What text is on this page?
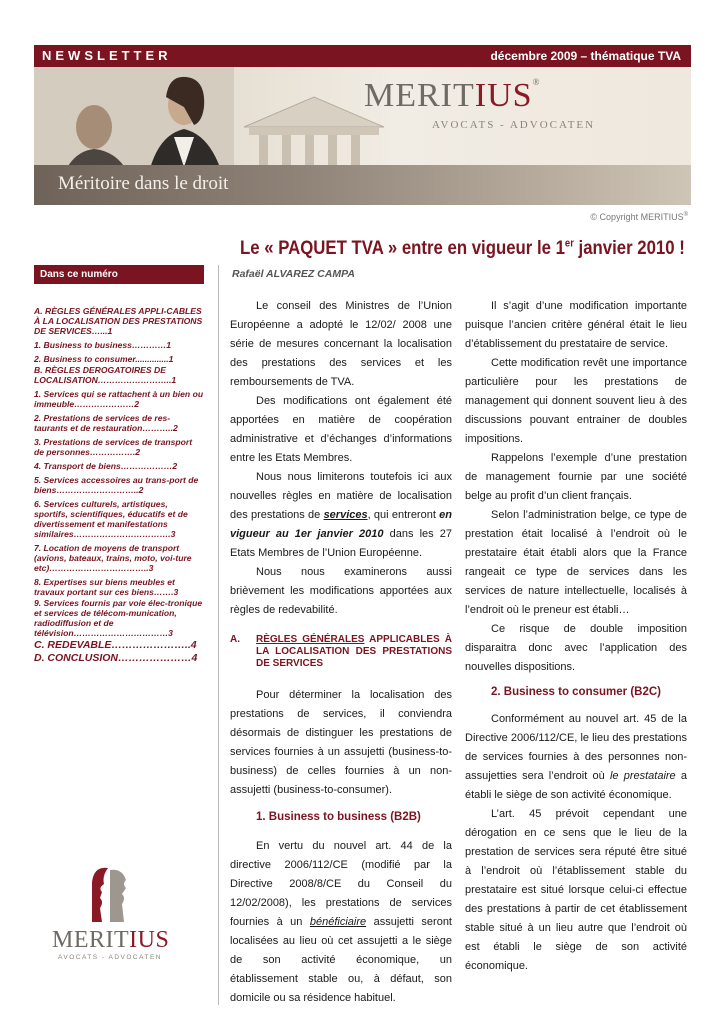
NEWSLETTER	décembre 2009 – thématique TVA
MERITIUS®
AVOCATS - ADVOCATEN
Méritoire dans le droit
© Copyright MERITIUS®
Dans ce numéro
A. RÈGLES GÉNÉRALES APPLI-CABLES À LA LOCALISATION DES PRESTATIONS DE SERVICES…...1
1. Business to business…………1
2. Business to consumer..............1
B. RÈGLES DEROGATOIRES DE LOCALISATION……………………..1
1. Services qui se rattachent à un bien ou immeuble…………………2
2. Prestations de services de res-taurants et de restauration………..2
3. Prestations de services de transport de personnes…………….2
4. Transport de biens………………2
5. Services accessoires au trans-port de biens………………………..2
6. Services culturels, artistiques, sportifs, scientifiques, éducatifs et de divertissement et manifestations similaires…………………………….3
7. Location de moyens de transport (avions, bateaux, trains, moto, voi-ture etc)……………………………..3
8. Expertises sur biens meubles et travaux portant sur ces biens…….3
9. Services fournis par voie élec-tronique et services de télécom-munication, radiodiffusion et de télévision……………………………3
C. REDEVABLE…………………..4
D. CONCLUSION…………………4
MERITIUS
AVOCATS - ADVOCATEN
Le « PAQUET TVA » entre en vigueur le 1er janvier 2010 !
Rafaël ALVAREZ CAMPA

Le conseil des Ministres de l’Union Européenne a adopté le 12/02/ 2008 une série de mesures concernant la localisation des prestations des services et les remboursements de TVA.

Des modifications ont également été apportées en matière de coopération administrative et d’échanges d’informations entre les Etats Membres.

Nous nous limiterons toutefois ici aux nouvelles règles en matière de localisation des prestations de services, qui entreront en vigueur au 1er janvier 2010 dans les 27 Etats Membres de l’Union Européenne.

Nous nous examinerons aussi brièvement les modifications apportées aux règles de redevabilité.

A.	RÈGLES GÉNÉRALES APPLICABLES À LA LOCALISATION DES PRESTATIONS DE SERVICES

Pour déterminer la localisation des prestations de services, il conviendra désormais de distinguer les prestations de services fournies à un assujetti (business-to-business) de celles fournies à un non-assujetti (business-to-consumer).

1. Business to business (B2B)

En vertu du nouvel art. 44 de la directive 2006/112/CE (modifié par la Directive 2008/8/CE du Conseil du 12/02/2008), les prestations de services fournies à un bénéficiaire assujetti seront localisées au lieu où cet assujetti a le siège de son activité économique, un établissement stable ou, à défaut, son domicile ou sa résidence habituel.

Il s’agit d’une modification importante puisque l’ancien critère général était le lieu d’établissement du prestataire de service.

Cette modification revêt une importance particulière pour les prestations de management qui donnent souvent lieu à des discussions pouvant entrainer de doubles impositions.

Rappelons l’exemple d’une prestation de management fournie par une société belge au profit d’un client français.

Selon l’administration belge, ce type de prestation était localisé à l’endroit où le prestataire était établi alors que la France rangeait ce type de services dans les services de nature intellectuelle, localisés à l’endroit où le preneur est établi…

Ce risque de double imposition disparaitra donc avec l’application des nouvelles dispositions.

2. Business to consumer (B2C)

Conformément au nouvel art. 45 de la Directive 2006/112/CE, le lieu des prestations de services fournies à des personnes non-assujetties sera l’endroit où le prestataire a établi le siège de son activité économique.

L’art. 45 prévoit cependant une dérogation en ce sens que le lieu de la prestation de services sera réputé être situé à l’endroit où l’établissement stable du prestataire est situé lorsque celui-ci effectue des prestations à partir de cet établissement stable situé à un lieu autre que l’endroit où est établi le siège de son activité économique.
